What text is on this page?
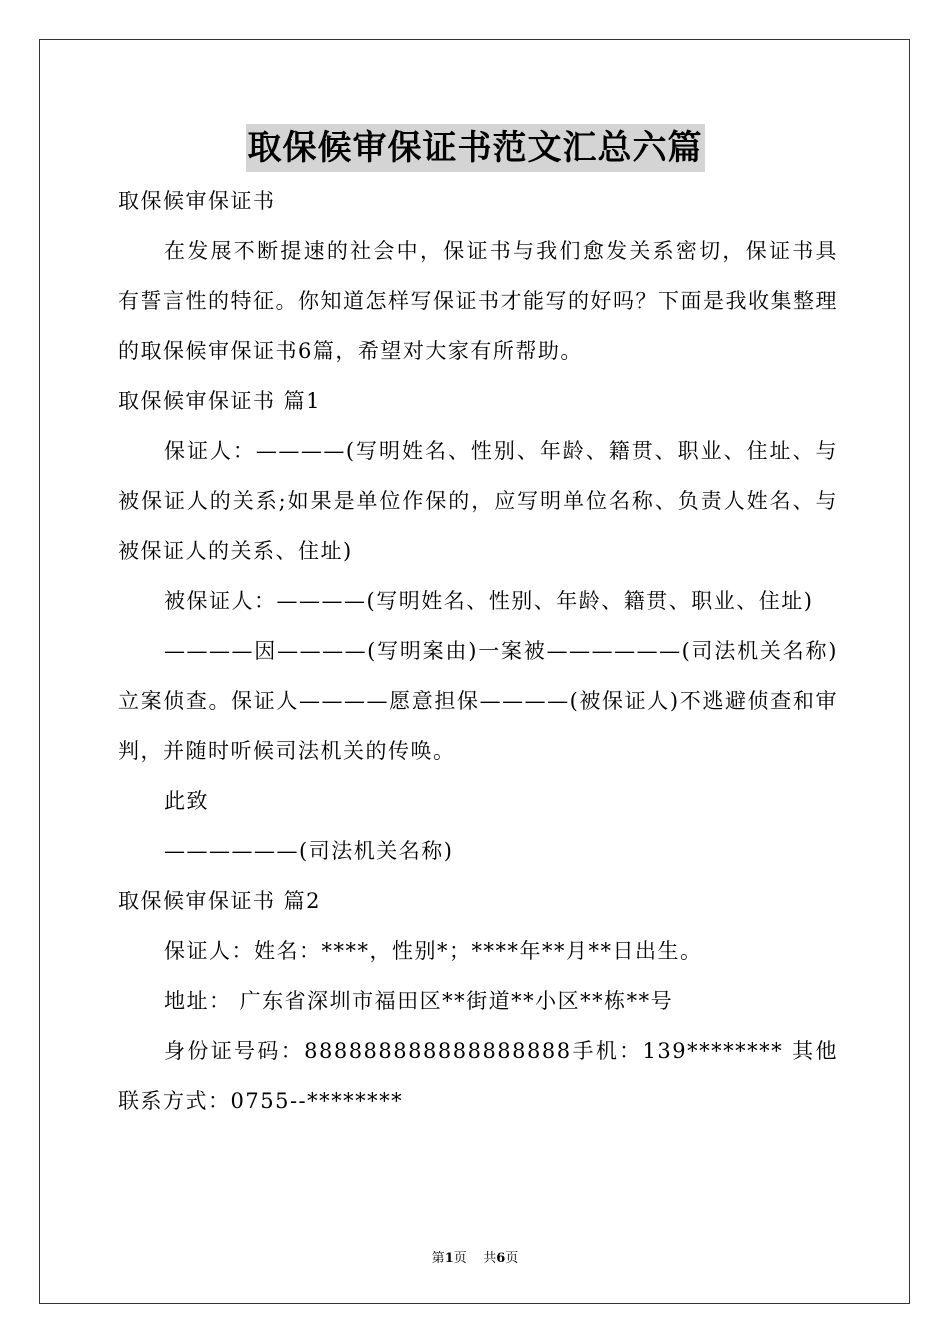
取保候审保证书范文汇总六篇

取保候审保证书

在发展不断提速的社会中，保证书与我们愈发关系密切，保证书具有誓言性的特征。你知道怎样写保证书才能写的好吗？下面是我收集整理的取保候审保证书6篇，希望对大家有所帮助。

取保候审保证书 篇1

保证人：————(写明姓名、性别、年龄、籍贯、职业、住址、与被保证人的关系;如果是单位作保的，应写明单位名称、负责人姓名、与被保证人的关系、住址)

被保证人：————(写明姓名、性别、年龄、籍贯、职业、住址)

————因————(写明案由)一案被——————(司法机关名称)立案侦查。保证人————愿意担保————(被保证人)不逃避侦查和审判，并随时听候司法机关的传唤。

此致

——————(司法机关名称)

取保候审保证书 篇2

保证人：姓名：****，性别*；****年**月**日出生。

地址： 广东省深圳市福田区**街道**小区**栋**号

身份证号码：888888888888888888手机：139******** 其他联系方式：0755--********

第1页    共6页
